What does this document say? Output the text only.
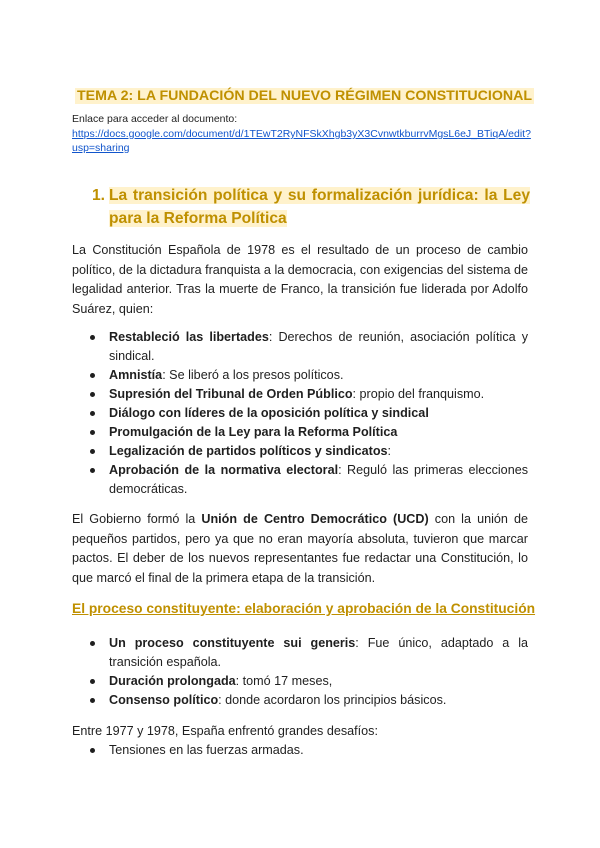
TEMA 2: LA FUNDACIÓN DEL NUEVO RÉGIMEN CONSTITUCIONAL
Enlace para acceder al documento:
https://docs.google.com/document/d/1TEwT2RyNFSkXhgb3yX3CvnwtkburrvMgsL6eJ_BTiqA/edit?usp=sharing
1. La transición política y su formalización jurídica: la Ley para la Reforma Política
La Constitución Española de 1978 es el resultado de un proceso de cambio político, de la dictadura franquista a la democracia, con exigencias del sistema de legalidad anterior. Tras la muerte de Franco, la transición fue liderada por Adolfo Suárez, quien:
Restableció las libertades: Derechos de reunión, asociación política y sindical.
Amnistía: Se liberó a los presos políticos.
Supresión del Tribunal de Orden Público: propio del franquismo.
Diálogo con líderes de la oposición política y sindical
Promulgación de la Ley para la Reforma Política
Legalización de partidos políticos y sindicatos:
Aprobación de la normativa electoral: Reguló las primeras elecciones democráticas.
El Gobierno formó la Unión de Centro Democrático (UCD) con la unión de pequeños partidos, pero ya que no eran mayoría absoluta, tuvieron que marcar pactos. El deber de los nuevos representantes fue redactar una Constitución, lo que marcó el final de la primera etapa de la transición.
El proceso constituyente: elaboración y aprobación de la Constitución
Un proceso constituyente sui generis: Fue único, adaptado a la transición española.
Duración prolongada: tomó 17 meses,
Consenso político: donde acordaron los principios básicos.
Entre 1977 y 1978, España enfrentó grandes desafíos:
Tensiones en las fuerzas armadas.
